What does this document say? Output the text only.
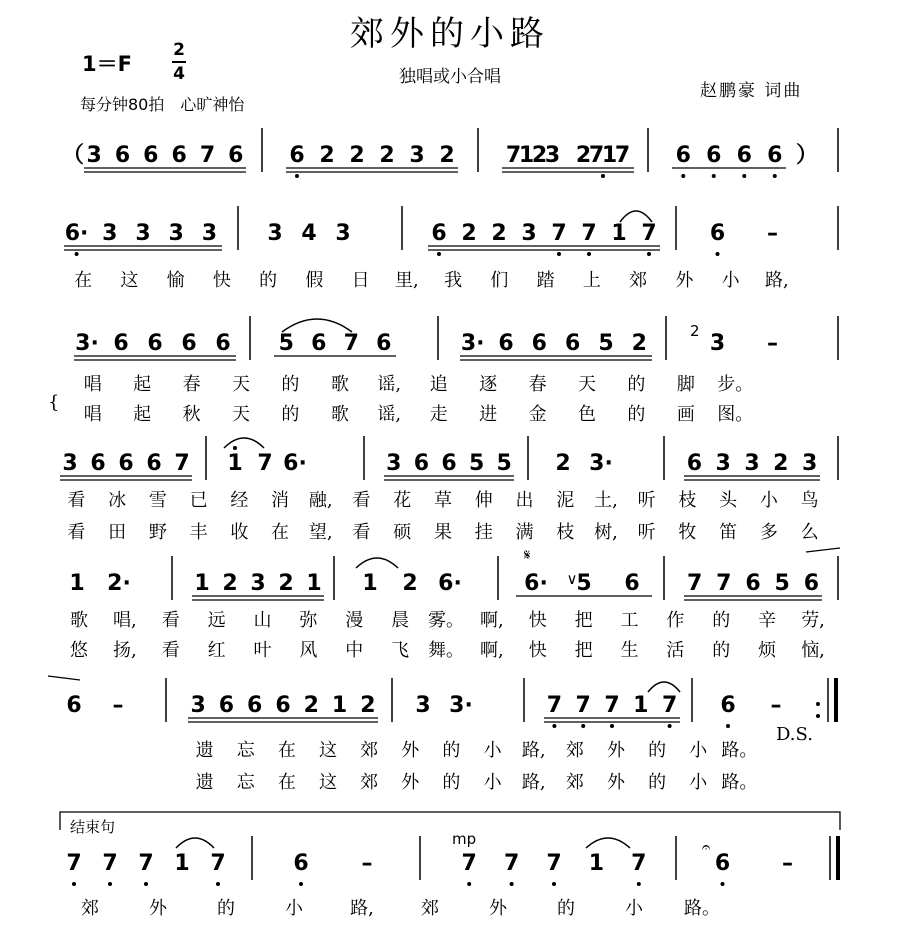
郊外的小路
独唱或小合唱
1＝F
2
4
每分钟80拍　心旷神怡
赵鹏豪 词曲
（ 3 6 6 6 7 6 6 2 2 2 3 2 7
1
2
3 2
7
1
7 6 6 6 6 ）
6· 3 3 3 3 3 4 3	6 2 2 3 7 7 1 7 6 –
在 这 愉 快 的 假 日 里, 我 们 踏 上 郊 外 小 路,
3· 6 6 6 6 5 6 7 6	3· 6 6 6 5 2	2 3 –
{
唱 起 春 天 的 歌 谣, 追 逐 春 天 的 脚 步。
唱 起 秋 天 的 歌 谣, 走 进 金 色 的 画 图。
3 6 6 6 7 1 7 6·	3 6 6 5 5 2 3·	6 3 3 2 3
看 冰 雪 已 经 消 融, 看 花 草 伸 出 泥 土, 听 枝 头 小 鸟
看 田 野 丰 收 在 望, 看 硕 果 挂 满 枝 树, 听 牧 笛 多 么
1 2·	1 2 3 2 1 1 2 6·
𝄋
∨
6· 5 6 7 7 6 5 6
歌 唱, 看 远 山 弥 漫 晨 雾。 啊, 快 把 工 作 的 辛 劳,
悠 扬, 看 红 叶 风 中 飞 舞。 啊, 快 把 生 活 的 烦 恼,
6 –	3 6 6 6 2 1 2 3 3·	7 7 7 1 7 6 –
D.S.
遗 忘 在 这 郊 外 的 小 路, 郊 外 的 小 路。
遗 忘 在 这 郊 外 的 小 路, 郊 外 的 小 路。
结束句
7 7 7 1 7	6 –
mp
7 7 7 1 7	6 –
𝄐
郊	外	的	小	路,	郊	外	的	小 路。
